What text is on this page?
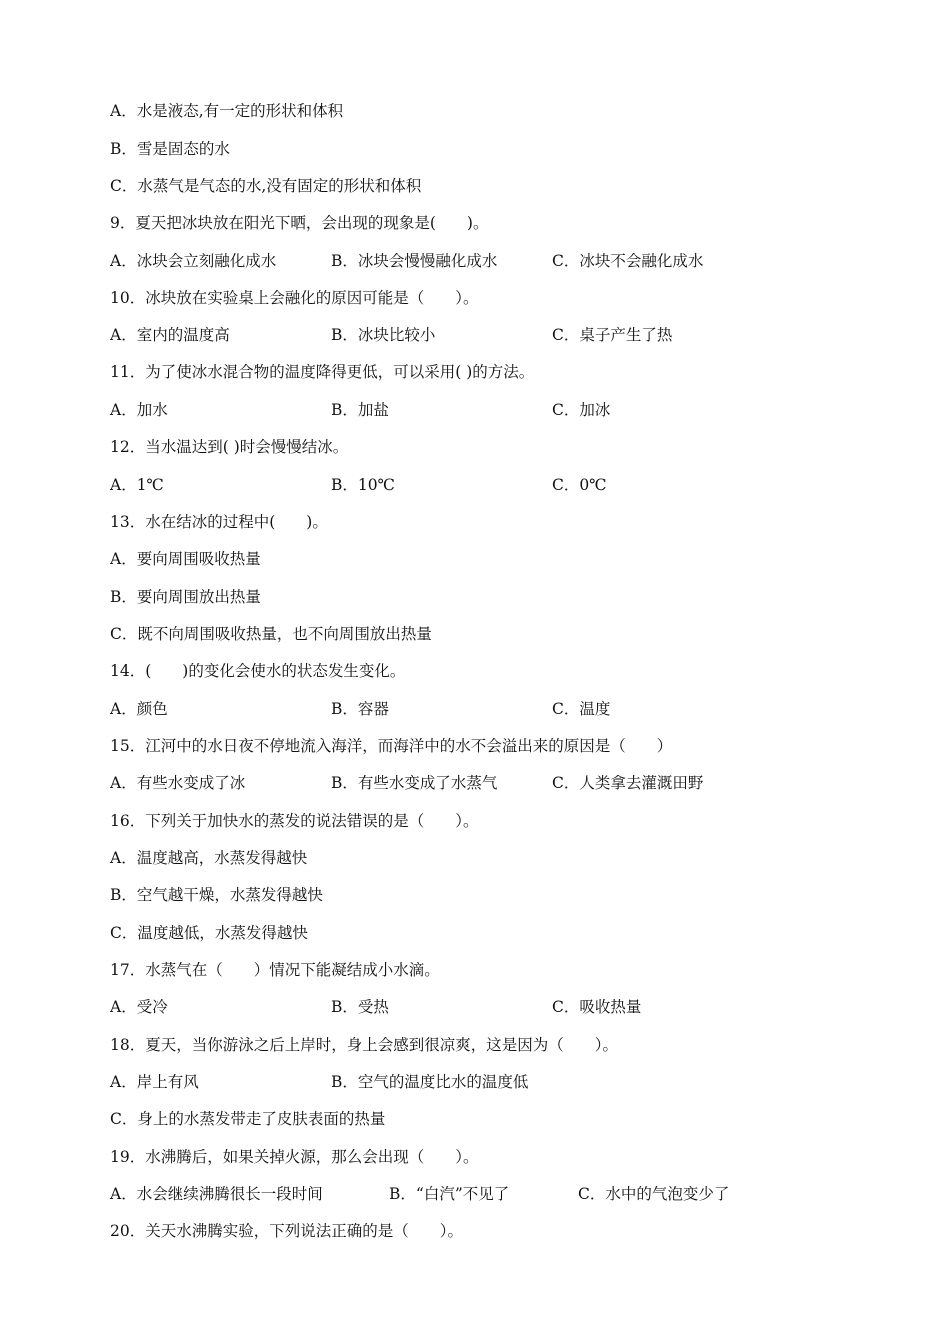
A．水是液态,有一定的形状和体积
B．雪是固态的水
C．水蒸气是气态的水,没有固定的形状和体积
9．夏天把冰块放在阳光下晒，会出现的现象是(　　)。
A．冰块会立刻融化成水	B．冰块会慢慢融化成水	C．冰块不会融化成水
10．冰块放在实验桌上会融化的原因可能是（　　）。
A．室内的温度高	B．冰块比较小	C．桌子产生了热
11．为了使冰水混合物的温度降得更低，可以采用( )的方法。
A．加水	B．加盐	C．加冰
12．当水温达到( )时会慢慢结冰。
A．1℃	B．10℃	C．0℃
13．水在结冰的过程中(　　)。
A．要向周围吸收热量
B．要向周围放出热量
C．既不向周围吸收热量，也不向周围放出热量
14．(　　)的变化会使水的状态发生变化。
A．颜色	B．容器	C．温度
15．江河中的水日夜不停地流入海洋，而海洋中的水不会溢出来的原因是（　　）
A．有些水变成了冰	B．有些水变成了水蒸气	C．人类拿去灌溉田野
16．下列关于加快水的蒸发的说法错误的是（　　）。
A．温度越高，水蒸发得越快
B．空气越干燥，水蒸发得越快
C．温度越低，水蒸发得越快
17．水蒸气在（　　）情况下能凝结成小水滴。
A．受冷	B．受热	C．吸收热量
18．夏天，当你游泳之后上岸时，身上会感到很凉爽，这是因为（　　）。
A．岸上有风	B．空气的温度比水的温度低
C．身上的水蒸发带走了皮肤表面的热量
19．水沸腾后，如果关掉火源，那么会出现（　　）。
A．水会继续沸腾很长一段时间	B．“白汽”不见了	C．水中的气泡变少了
20．关天水沸腾实验，下列说法正确的是（　　）。
